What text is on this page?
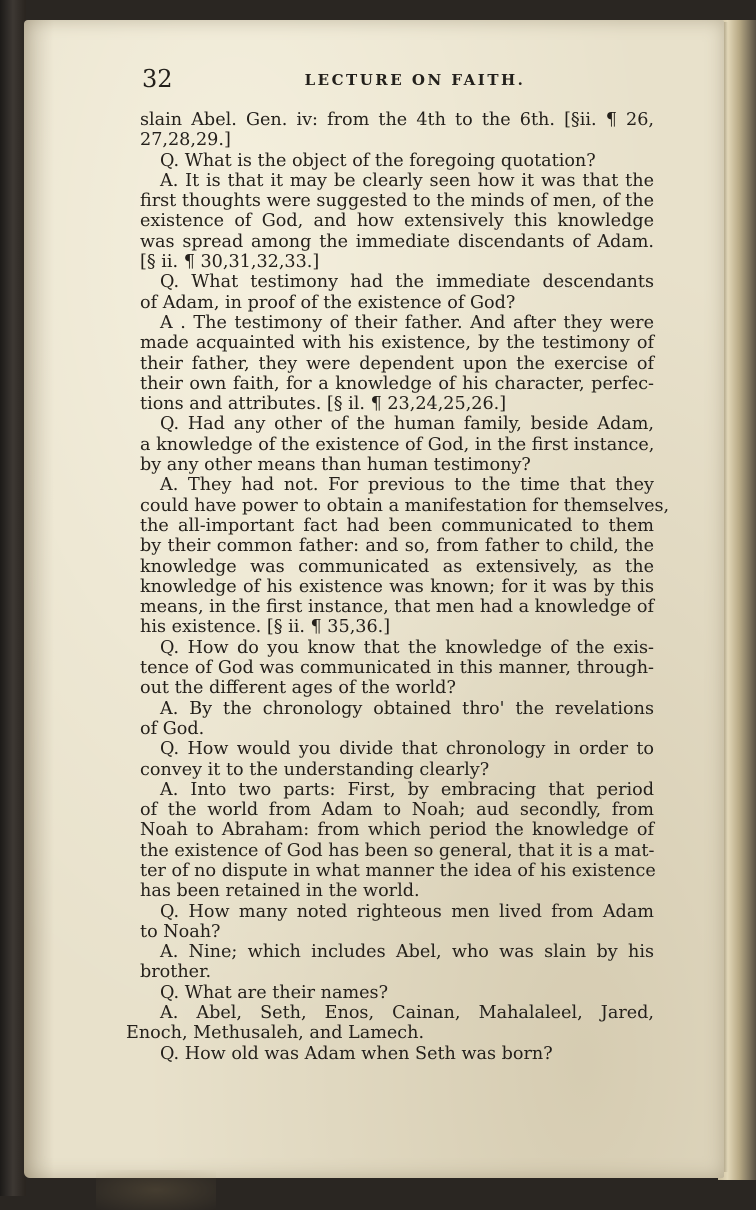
32	LECTURE ON FAITH.
slain Abel. Gen. iv: from the 4th to the 6th. [§ii. ¶ 26,
27,28,29.]
Q. What is the object of the foregoing quotation?
A. It is that it may be clearly seen how it was that the
first thoughts were suggested to the minds of men, of the
existence of God, and how extensively this knowledge
was spread among the immediate discendants of Adam.
[§ ii. ¶ 30,31,32,33.]
Q. What testimony had the immediate descendants
of Adam, in proof of the existence of God?
A . The testimony of their father. And after they were
made acquainted with his existence, by the testimony of
their father, they were dependent upon the exercise of
their own faith, for a knowledge of his character, perfec-
tions and attributes. [§ il. ¶ 23,24,25,26.]
Q. Had any other of the human family, beside Adam,
a knowledge of the existence of God, in the first instance,
by any other means than human testimony?
A. They had not. For previous to the time that they
could have power to obtain a manifestation for themselves,
the all-important fact had been communicated to them
by their common father: and so, from father to child, the
knowledge was communicated as extensively, as the
knowledge of his existence was known; for it was by this
means, in the first instance, that men had a knowledge of
his existence. [§ ii. ¶ 35,36.]
Q. How do you know that the knowledge of the exis-
tence of God was communicated in this manner, through-
out the different ages of the world?
A. By the chronology obtained thro' the revelations
of God.
Q. How would you divide that chronology in order to
convey it to the understanding clearly?
A. Into two parts: First, by embracing that period
of the world from Adam to Noah; aud secondly, from
Noah to Abraham: from which period the knowledge of
the existence of God has been so general, that it is a mat-
ter of no dispute in what manner the idea of his existence
has been retained in the world.
Q. How many noted righteous men lived from Adam
to Noah?
A. Nine; which includes Abel, who was slain by his
brother.
Q. What are their names?
A. Abel, Seth, Enos, Cainan, Mahalaleel, Jared,
Enoch, Methusaleh, and Lamech.
Q. How old was Adam when Seth was born?
